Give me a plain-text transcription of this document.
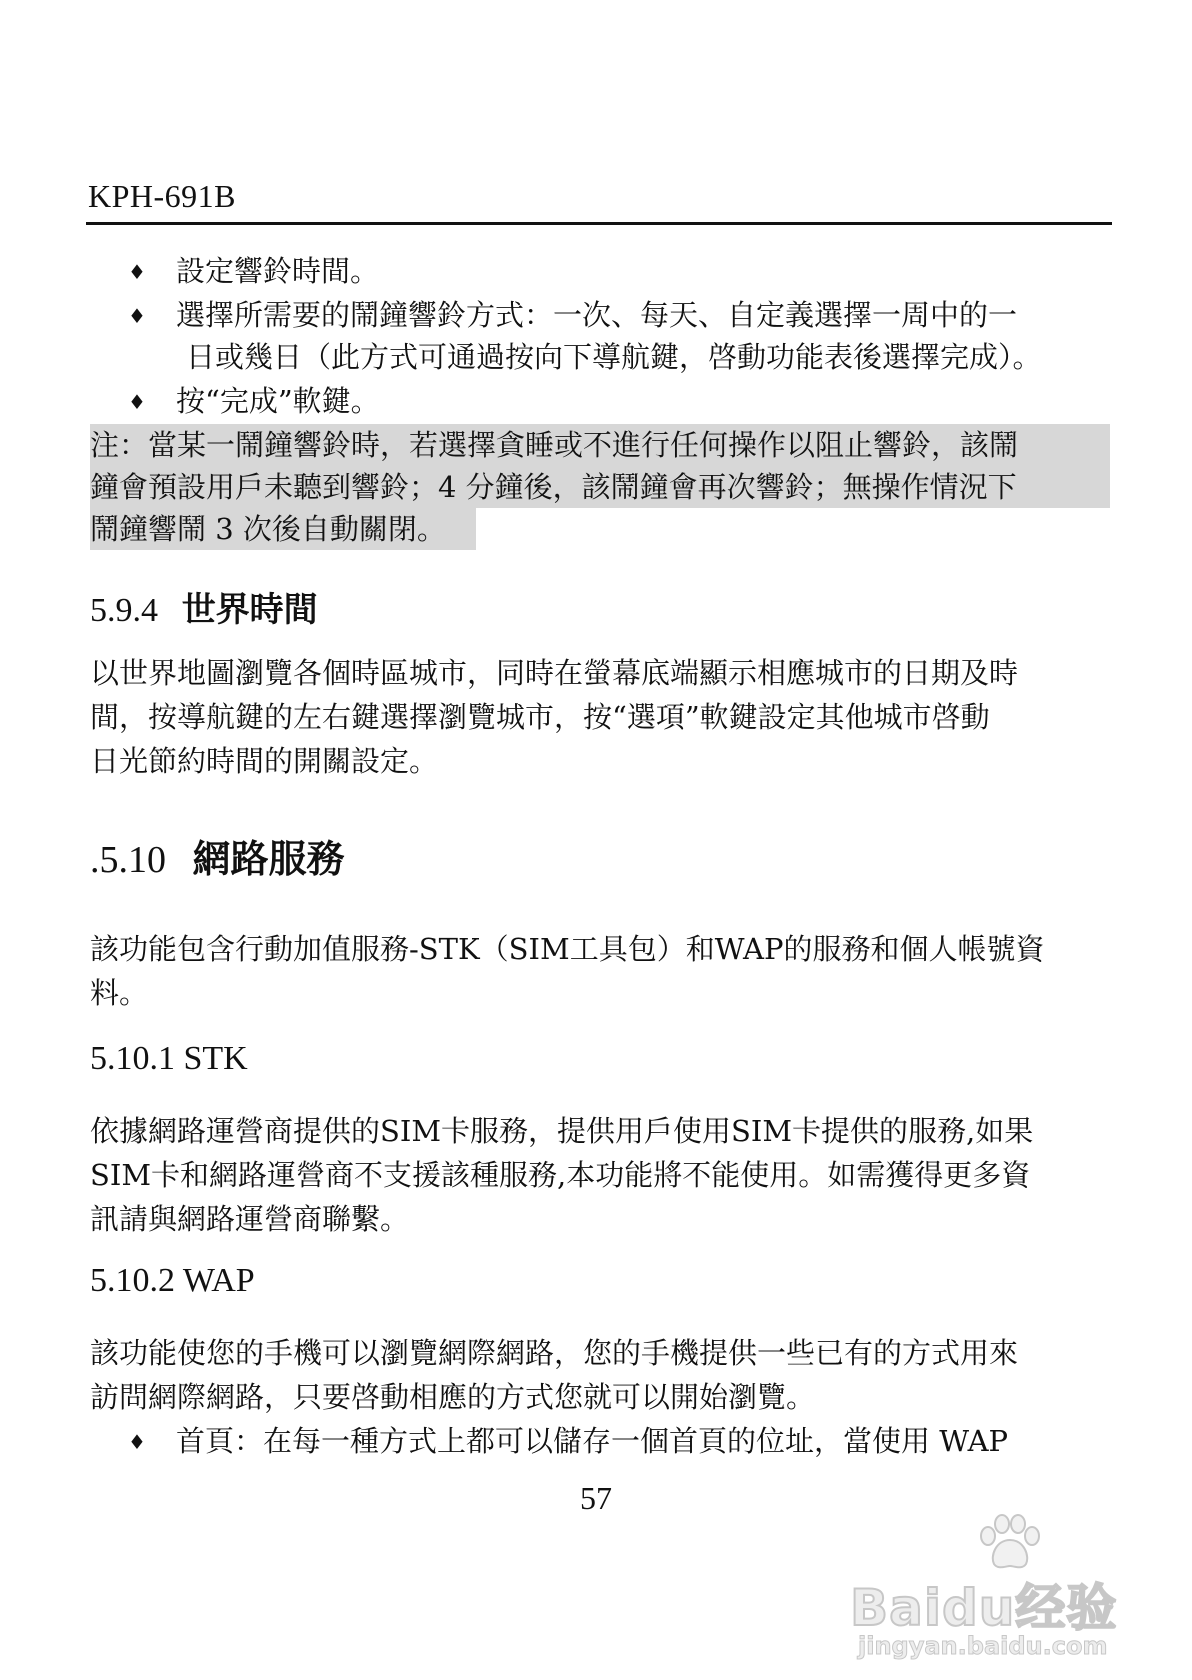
KPH-691B
♦ 設定響鈴時間。
♦ 選擇所需要的鬧鐘響鈴方式：一次、每天、自定義選擇一周中的一
日或幾日（此方式可通過按向下導航鍵，啓動功能表後選擇完成）。
♦ 按“完成”軟鍵。
注：當某一鬧鐘響鈴時，若選擇貪睡或不進行任何操作以阻止響鈴，該鬧
鐘會預設用戶未聽到響鈴；4 分鐘後，該鬧鐘會再次響鈴；無操作情況下
鬧鐘響鬧 3 次後自動關閉。
5.9.4 世界時間
以世界地圖瀏覽各個時區城市，同時在螢幕底端顯示相應城市的日期及時
間，按導航鍵的左右鍵選擇瀏覽城市，按“選項”軟鍵設定其他城市啓動
日光節約時間的開關設定。
.5.10 網路服務
該功能包含行動加值服務-STK（SIM工具包）和WAP的服務和個人帳號資
料。
5.10.1 STK
依據網路運營商提供的SIM卡服務，提供用戶使用SIM卡提供的服務,如果
SIM卡和網路運營商不支援該種服務,本功能將不能使用。如需獲得更多資
訊請與網路運營商聯繫。
5.10.2 WAP
該功能使您的手機可以瀏覽網際網路，您的手機提供一些已有的方式用來
訪問網際網路，只要啓動相應的方式您就可以開始瀏覽。
♦ 首頁：在每一種方式上都可以儲存一個首頁的位址，當使用 WAP
57
Baidu经验
jingyan.baidu.com
